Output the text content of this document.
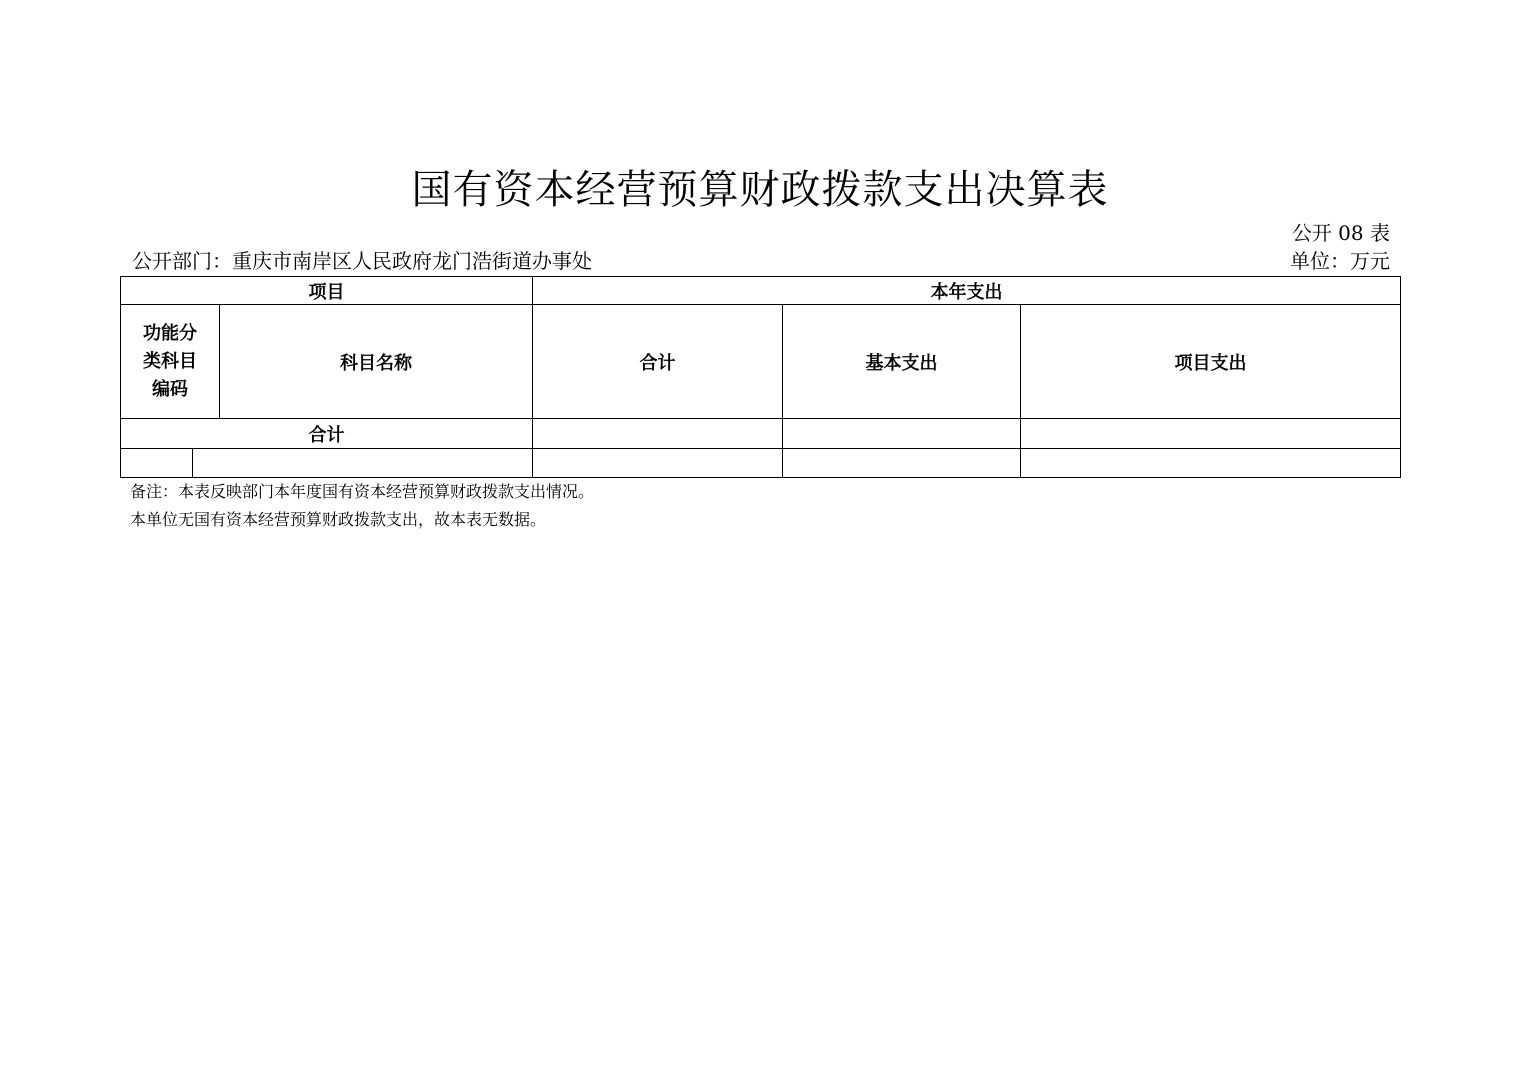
国有资本经营预算财政拨款支出决算表
公开 08 表
公开部门：重庆市南岸区人民政府龙门浩街道办事处	单位：万元
项目			本年支出		
功能分类科目编码		科目名称	合计	基本支出	项目支出
合计					

备注：本表反映部门本年度国有资本经营预算财政拨款支出情况。
本单位无国有资本经营预算财政拨款支出，故本表无数据。
